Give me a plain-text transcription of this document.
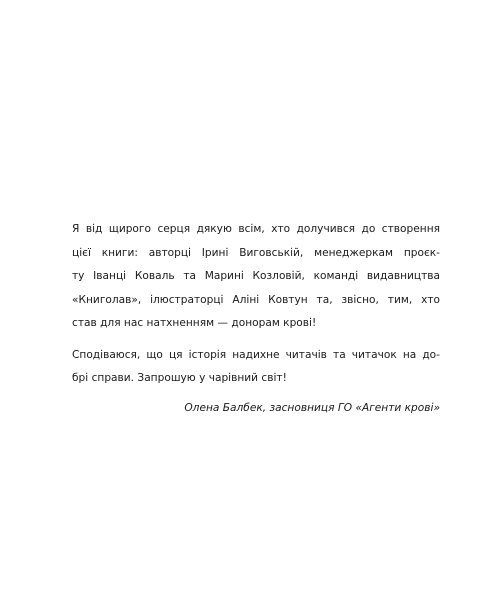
Я від щирого серця дякую всім, хто долучився до створення
цієї книги: авторці Ірині Виговській, менеджеркам проєк-
ту Іванці Коваль та Марині Козловій, команді видавництва
«Книголав», ілюстраторці Аліні Ковтун та, звісно, тим, хто
став для нас натхненням — донорам крові!

Сподіваюся, що ця історія надихне читачів та читачок на до-
брі справи. Запрошую у чарівний світ!

Олена Балбек, засновниця ГО «Агенти крові»
